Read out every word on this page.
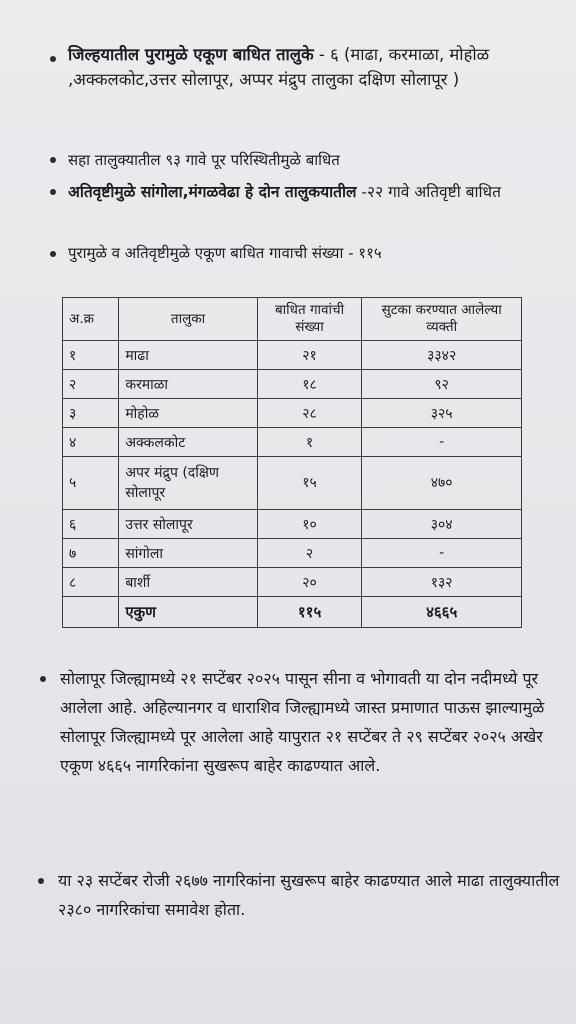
जिल्हयातील पुरामुळे एकूण बाधित तालुके - ६ (माढा, करमाळा, मोहोळ ,अक्कलकोट,उत्तर सोलापूर, अप्पर मंद्रुप तालुका दक्षिण सोलापूर )
सहा तालुक्यातील ९३ गावे पूर परिस्थितीमुळे बाधित
अतिवृष्टीमुळे सांगोला,मंगळवेढा हे दोन तालुकयातील -२२ गावे अतिवृष्टी बाधित
पुरामुळे व अतिवृष्टीमुळे एकूण बाधित गावाची संख्या - ११५
अ.क्र	तालुका	बाधित गावांची संख्या	सुटका करण्यात आलेल्या व्यक्ती
१	माढा	२१	३३४२
२	करमाळा	१८	९२
३	मोहोळ	२८	३२५
४	अक्कलकोट	१	-
५	अपर मंद्रुप (दक्षिण सोलापूर	१५	४७०
६	उत्तर सोलापूर	१०	३०४
७	सांगोला	२	-
८	बार्शी	२०	१३२
	एकुण	११५	४६६५
सोलापूर जिल्ह्यामध्ये २१ सप्टेंबर २०२५ पासून सीना व भोगावती या दोन नदीमध्ये पूर आलेला आहे. अहिल्यानगर व धाराशिव जिल्ह्यामध्ये जास्त प्रमाणात पाऊस झाल्यामुळे सोलापूर जिल्ह्यामध्ये पूर आलेला आहे यापुरात २१ सप्टेंबर ते २९ सप्टेंबर २०२५ अखेर एकूण ४६६५ नागरिकांना सुखरूप बाहेर काढण्यात आले.
या २३ सप्टेंबर रोजी २६७७ नागरिकांना सुखरूप बाहेर काढण्यात आले माढा तालुक्यातील २३८० नागरिकांचा समावेश होता.
